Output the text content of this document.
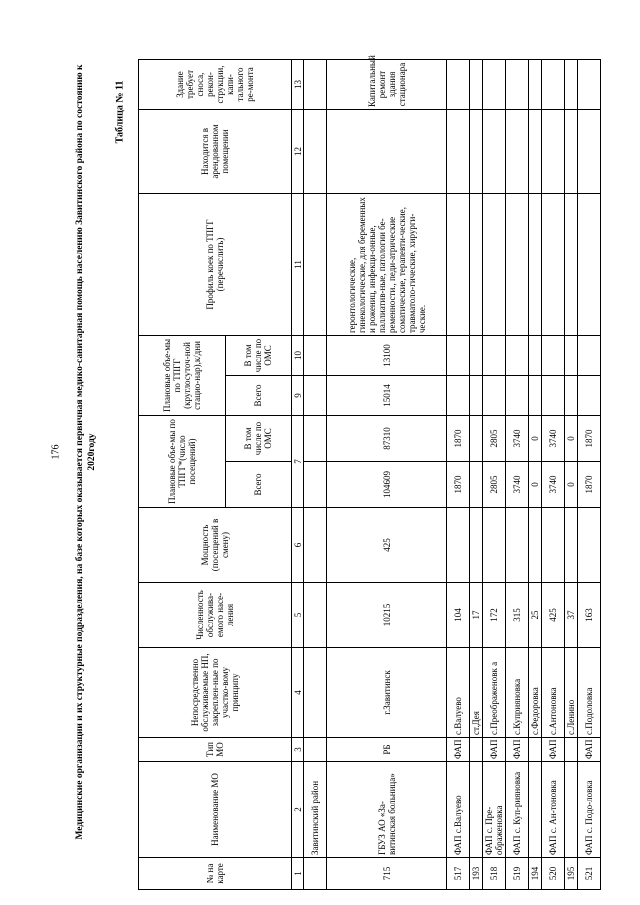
176 Медицинские организации и их структурные подразделения, на базе которых оказывается первичная медико-санитарная помощь населению Завитинского района по состоянию к 2020году
Таблица № 11
№ на карте	Наименование МО	Тип МО	Непосредственно обслуживаемые НП, закреплен-ные по участко-вому принципу	Численность обслужива-емого насе-ления	Мощность (посещений в смену)	Плановые объе-мы по ТПГГ*(число посещений)		Плановые объе-мы по ТПГГ (круглосуточ-ной стацио-нар),к/дни		Профиль коек по ТПГГ (перечислить)	Находится в арендованном помещении	Здание требует сноса, рекон-струкции, капи-тального ре-монта
						Всего	В том числе по ОМС	Всего	В том числе по ОМС			
1	2	3	4	5	6	7		9	10	11	12	13
	Завитинский район											
715	ГБУЗ АО «За-витинская больница»	РБ	г.Завитинск	10215	425	104609	87310	15014	13100	геронтологические, гинекологические, для беременных и рожениц, инфекци-онные, паллиатив-ные, патологии бе-ременности., педи-атрические соматические, терапевти-ческие, травматоло-гические, хирурги-ческие.		Капитальный ремонт здания стационара
517	ФАП с.Валуево	ФАП	с.Валуево	104		1870	1870					
193			ст.Дея	17								
518	ФАП с. Пре-ображеновка	ФАП	с.Преображеновк а	172		2805	2805					
519	ФАП с. Куп-рияновка	ФАП	с.Куприяновка	315		3740	3740					
194			с.Федоровка	25		0	0					
520	ФАП с. Ан-тоновка	ФАП	с.Антоновка	425		3740	3740					
195			с.Ленино	37		0	0					
521	ФАП с. Подо-ловка	ФАП	с.Подоловка	163		1870	1870					
